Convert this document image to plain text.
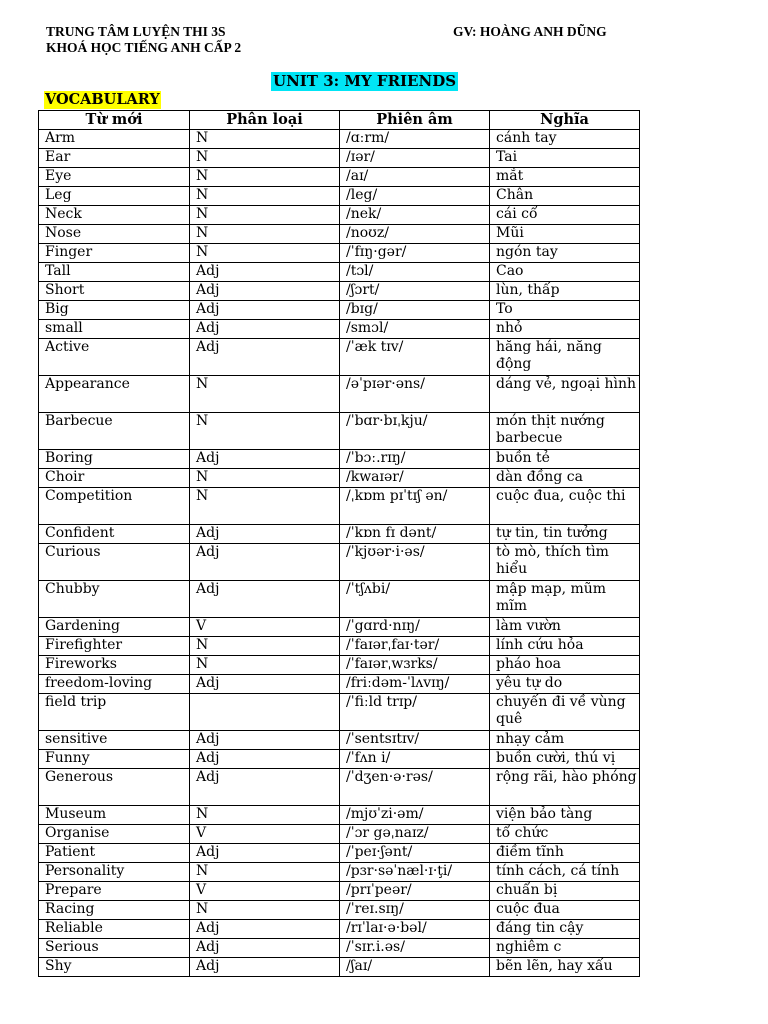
TRUNG TÂM LUYỆN THI 3S	GV: HOÀNG ANH DŨNG
KHOÁ HỌC TIẾNG ANH CẤP 2
UNIT 3: MY FRIENDS
VOCABULARY
Từ mới	Phân loại	Phiên âm	Nghĩa
Arm	N	/ɑːrm/	cánh tay
Ear	N	/ɪər/	Tai
Eye	N	/aɪ/	mắt
Leg	N	/leg/	Chân
Neck	N	/nek/	cái cổ
Nose	N	/noʊz/	Mũi
Finger	N	/ˈfɪŋ·gər/	ngón tay
Tall	Adj	/tɔl/	Cao
Short	Adj	/ʃɔrt/	lùn, thấp
Big	Adj	/bɪg/	To
small	Adj	/smɔl/	nhỏ
Active	Adj	/ˈæk tɪv/	hăng hái, năng động
Appearance	N	/əˈpɪər·əns/	dáng vẻ, ngoại hình
Barbecue	N	/ˈbɑr·bɪˌkju/	món thịt nướng barbecue
Boring	Adj	/ˈbɔː.rɪŋ/	buồn tẻ
Choir	N	/kwaɪər/	dàn đồng ca
Competition	N	/ˌkɒm pɪˈtɪʃ ən/	cuộc đua, cuộc thi
Confident	Adj	/ˈkɒn fɪ dənt/	tự tin, tin tưởng
Curious	Adj	/ˈkjʊər·i·əs/	tò mò, thích tìm hiểu
Chubby	Adj	/ˈtʃʌbi/	mập mạp, mũm mĩm
Gardening	V	/ˈgɑrd·nɪŋ/	làm vườn
Firefighter	N	/ˈfaɪərˌfaɪ·tər/	lính cứu hỏa
Fireworks	N	/ˈfaɪərˌwɜrks/	pháo hoa
freedom-loving	Adj	/friːdəm-ˈlʌvɪŋ/	yêu tự do
field trip		/ˈfiːld trɪp/	chuyến đi về vùng quê
sensitive	Adj	/ˈsentsɪtɪv/	nhạy cảm
Funny	Adj	/ˈfʌn i/	buồn cười, thú vị
Generous	Adj	/ˈdʒen·ə·rəs/	rộng rãi, hào phóng
Museum	N	/mjʊˈzi·əm/	viện bảo tàng
Organise	V	/ˈɔr gəˌnaɪz/	tổ chức
Patient	Adj	/ˈpeɪ·ʃənt/	điềm tĩnh
Personality	N	/pɜr·səˈnæl·ɪ·ţi/	tính cách, cá tính
Prepare	V	/prɪˈpeər/	chuẩn bị
Racing	N	/ˈreɪ.sɪŋ/	cuộc đua
Reliable	Adj	/rɪˈlaɪ·ə·bəl/	đáng tin cậy
Serious	Adj	/ˈsɪr.i.əs/	nghiêm c
Shy	Adj	/ʃaɪ/	bẽn lẽn, hay xấu
